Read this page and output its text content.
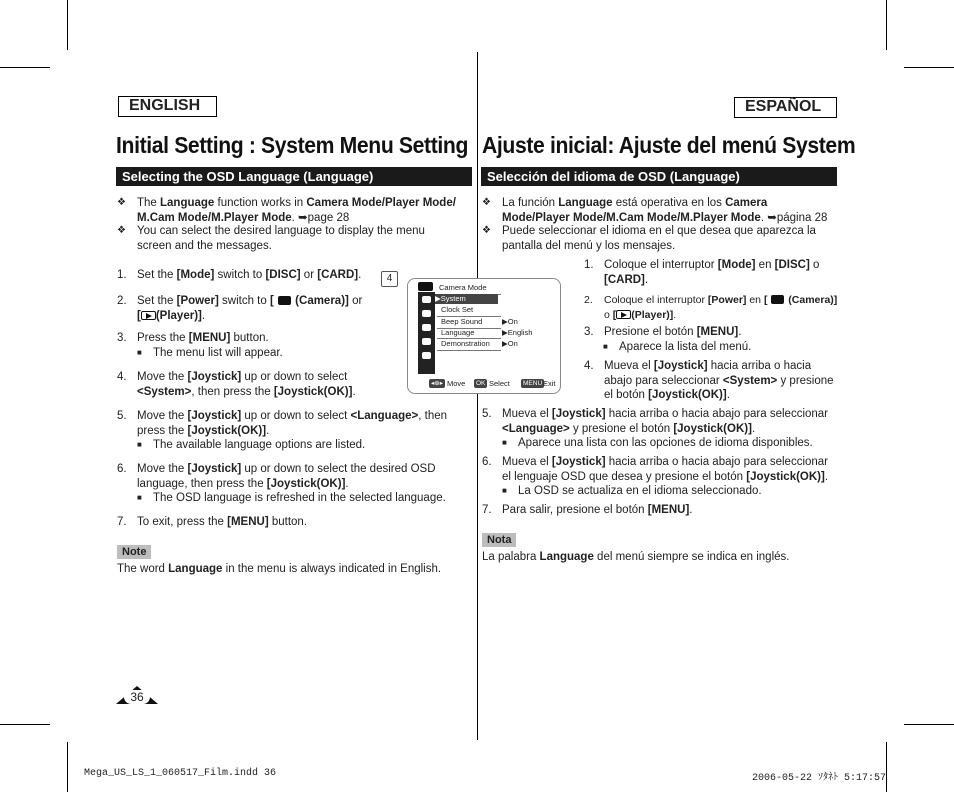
ENGLISH	ESPAÑOL
Initial Setting : System Menu Setting Ajuste inicial: Ajuste del menú System
Selecting the OSD Language (Language)	Selección del idioma de OSD (Language)
❖ The Language function works in Camera Mode/Player Mode/ M.Cam Mode/M.Player Mode. ➥page 28
❖ You can select the desired language to display the menu screen and the messages.
1. Set the [Mode] switch to [DISC] or [CARD].
2. Set the [Power] switch to [  (Camera)] or
[ (Player)].
3. Press the [MENU] button.
■ The menu list will appear.
4. Move the [Joystick] up or down to select
<System>, then press the [Joystick(OK)].
5. Move the [Joystick] up or down to select <Language>, then press the [Joystick(OK)].
■ The available language options are listed.
6. Move the [Joystick] up or down to select the desired OSD language, then press the [Joystick(OK)].
■ The OSD language is refreshed in the selected language.
7. To exit, press the [MENU] button.
Note
The word Language in the menu is always indicated in English.
4
Camera Mode
▶System
Clock Set
Beep Sound
Language
Demonstration
▶On
▶English
▶On
◂⊕▸ Move	OK Select	MENU Exit
❖ La función Language está operativa en los Camera Mode/Player Mode/M.Cam Mode/M.Player Mode. ➥página 28
❖ Puede seleccionar el idioma en el que desea que aparezca la pantalla del menú y los mensajes.
1. Coloque el interruptor [Mode] en [DISC] o [CARD].
2. Coloque el interruptor [Power] en [  (Camera)]
o [ (Player)].
3. Presione el botón [MENU].
■ Aparece la lista del menú.
4. Mueva el [Joystick] hacia arriba o hacia abajo para seleccionar <System> y presione el botón [Joystick(OK)].
5. Mueva el [Joystick] hacia arriba o hacia abajo para seleccionar <Language> y presione el botón [Joystick(OK)].
■ Aparece una lista con las opciones de idioma disponibles.
6. Mueva el [Joystick] hacia arriba o hacia abajo para seleccionar el lenguaje OSD que desea y presione el botón [Joystick(OK)].
■ La OSD se actualiza en el idioma seleccionado.
7. Para salir, presione el botón [MENU].
Nota
La palabra Language del menú siempre se indica en inglés.
36
Mega_US_LS_1_060517_Film.indd 36	2006-05-22 ｿﾀﾈﾄ 5:17:57
